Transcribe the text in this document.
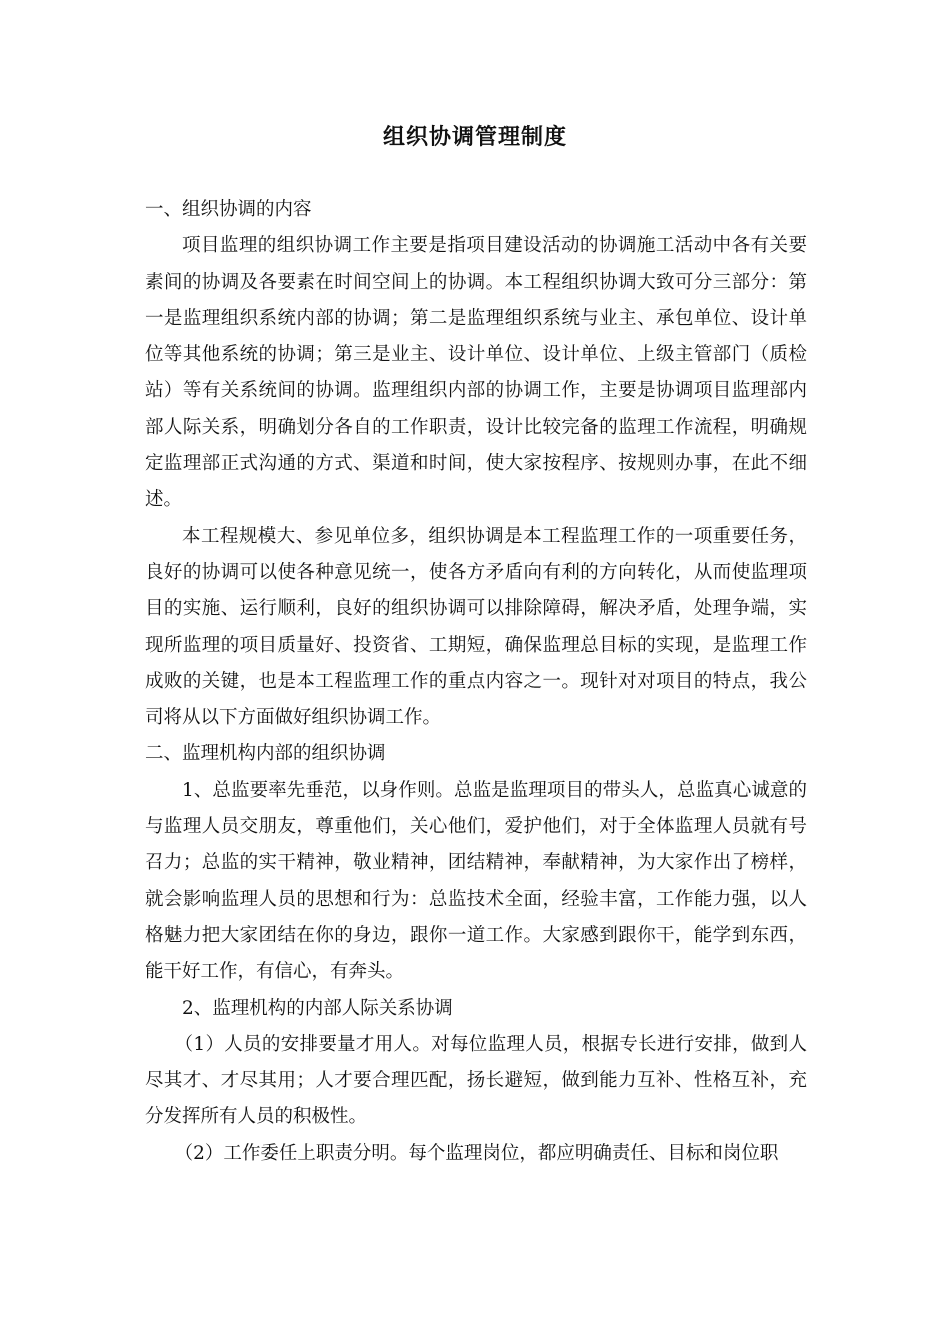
组织协调管理制度

一、组织协调的内容

项目监理的组织协调工作主要是指项目建设活动的协调施工活动中各有关要素间的协调及各要素在时间空间上的协调。本工程组织协调大致可分三部分：第一是监理组织系统内部的协调；第二是监理组织系统与业主、承包单位、设计单位等其他系统的协调；第三是业主、设计单位、设计单位、上级主管部门（质检站）等有关系统间的协调。监理组织内部的协调工作，主要是协调项目监理部内部人际关系，明确划分各自的工作职责，设计比较完备的监理工作流程，明确规定监理部正式沟通的方式、渠道和时间，使大家按程序、按规则办事，在此不细述。

本工程规模大、参见单位多，组织协调是本工程监理工作的一项重要任务，良好的协调可以使各种意见统一，使各方矛盾向有利的方向转化，从而使监理项目的实施、运行顺利，良好的组织协调可以排除障碍，解决矛盾，处理争端，实现所监理的项目质量好、投资省、工期短，确保监理总目标的实现，是监理工作成败的关键，也是本工程监理工作的重点内容之一。现针对对项目的特点，我公司将从以下方面做好组织协调工作。

二、监理机构内部的组织协调

1、总监要率先垂范，以身作则。总监是监理项目的带头人，总监真心诚意的与监理人员交朋友，尊重他们，关心他们，爱护他们，对于全体监理人员就有号召力；总监的实干精神，敬业精神，团结精神，奉献精神，为大家作出了榜样，就会影响监理人员的思想和行为：总监技术全面，经验丰富，工作能力强，以人格魅力把大家团结在你的身边，跟你一道工作。大家感到跟你干，能学到东西，能干好工作，有信心，有奔头。

2、监理机构的内部人际关系协调

（1）人员的安排要量才用人。对每位监理人员，根据专长进行安排，做到人尽其才、才尽其用；人才要合理匹配，扬长避短，做到能力互补、性格互补，充分发挥所有人员的积极性。

（2）工作委任上职责分明。每个监理岗位，都应明确责任、目标和岗位职
